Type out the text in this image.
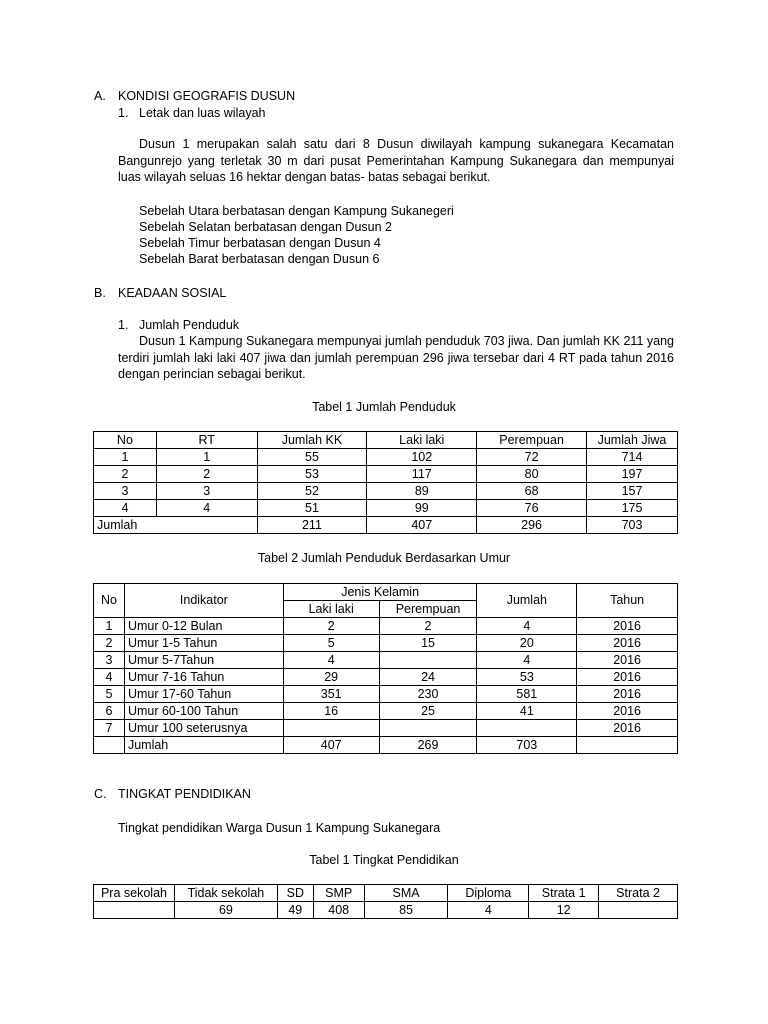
A. KONDISI GEOGRAFIS DUSUN
1. Letak dan luas wilayah
Dusun 1 merupakan salah satu dari 8 Dusun diwilayah kampung sukanegara Kecamatan Bangunrejo yang terletak 30 m dari pusat Pemerintahan Kampung Sukanegara dan mempunyai luas wilayah seluas 16 hektar dengan batas- batas sebagai berikut.
Sebelah Utara berbatasan dengan Kampung Sukanegeri
Sebelah Selatan berbatasan dengan Dusun 2
Sebelah Timur berbatasan dengan Dusun 4
Sebelah Barat berbatasan dengan Dusun 6
B. KEADAAN SOSIAL
1. Jumlah Penduduk
Dusun 1 Kampung Sukanegara mempunyai jumlah penduduk 703 jiwa. Dan jumlah KK 211 yang terdiri jumlah laki laki 407 jiwa dan jumlah perempuan 296 jiwa tersebar dari 4 RT pada tahun 2016 dengan perincian sebagai berikut.
Tabel 1 Jumlah Penduduk
No	RT	Jumlah KK	Laki laki	Perempuan	Jumlah Jiwa
1	1	55	102	72	714
2	2	53	117	80	197
3	3	52	89	68	157
4	4	51	99	76	175
Jumlah		211	407	296	703
Tabel 2 Jumlah Penduduk Berdasarkan Umur
No	Indikator	Jenis Kelamin		Jumlah	Tahun
		Laki laki	Perempuan		
1	Umur 0-12 Bulan	2	2	4	2016
2	Umur 1-5 Tahun	5	15	20	2016
3	Umur 5-7Tahun	4		4	2016
4	Umur 7-16 Tahun	29	24	53	2016
5	Umur 17-60 Tahun	351	230	581	2016
6	Umur 60-100 Tahun	16	25	41	2016
7	Umur 100 seterusnya				2016
	Jumlah	407	269	703	
C. TINGKAT PENDIDIKAN
Tingkat pendidikan Warga Dusun 1 Kampung Sukanegara
Tabel 1 Tingkat Pendidikan
Pra sekolah	Tidak sekolah	SD	SMP	SMA	Diploma	Strata 1	Strata 2
	69	49	408	85	4	12	
